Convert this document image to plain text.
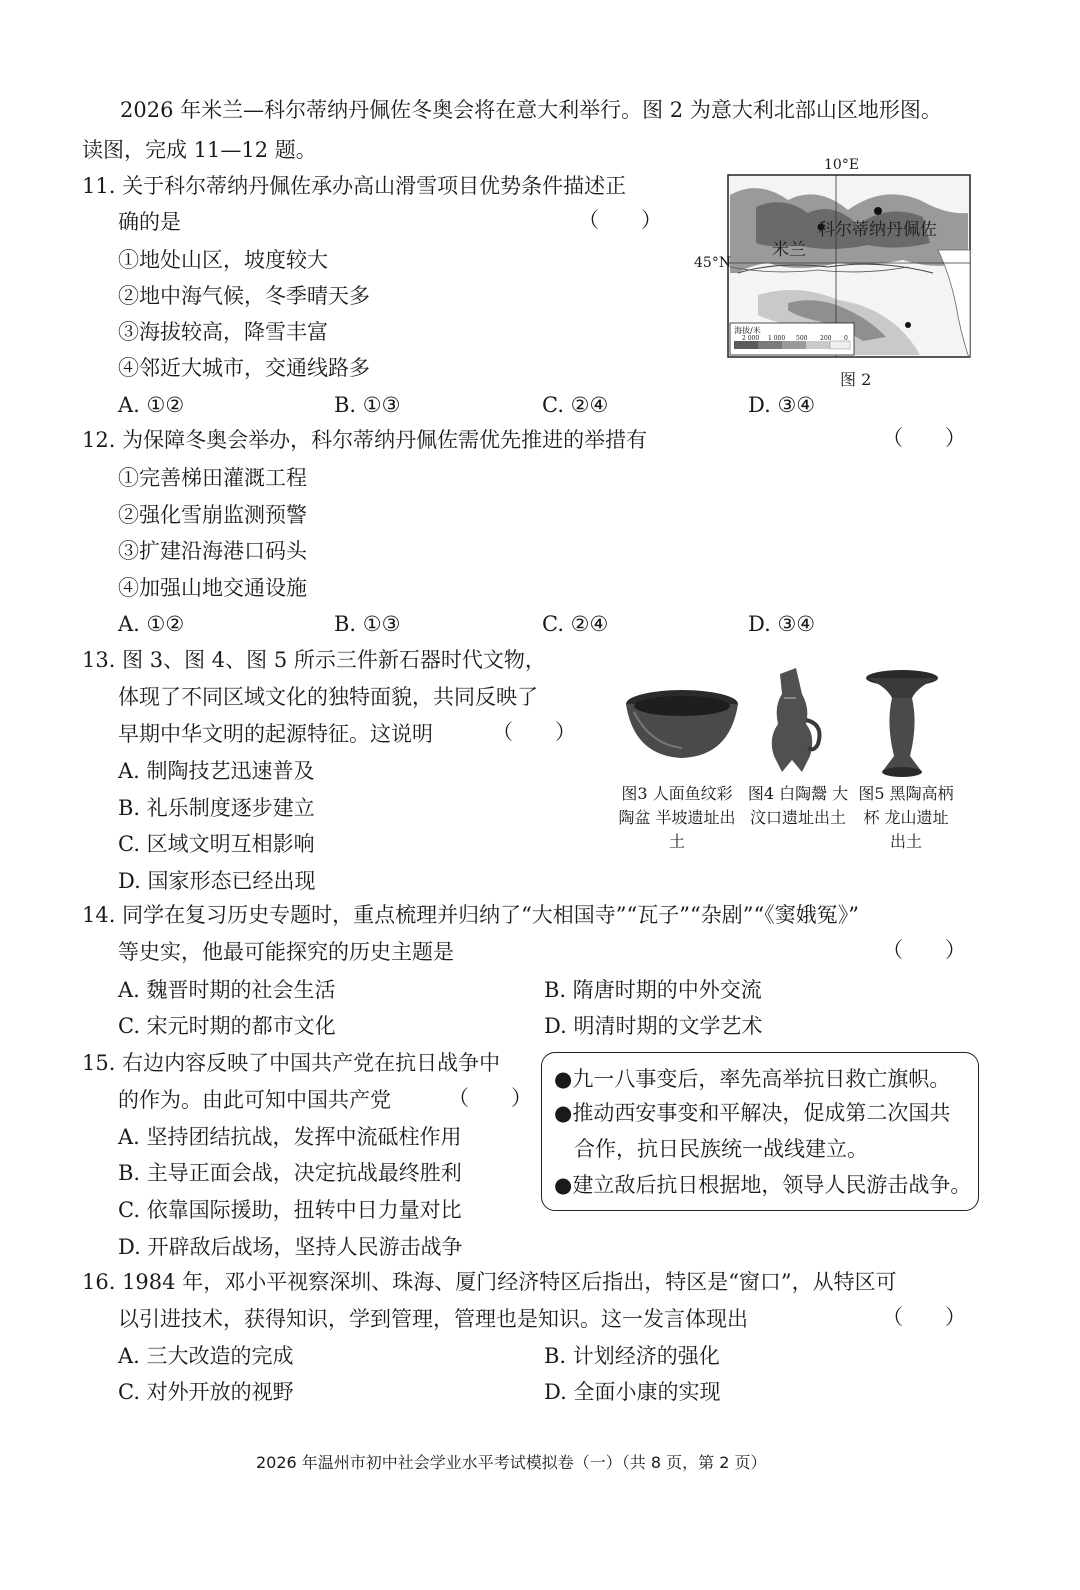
2026 年米兰—科尔蒂纳丹佩佐冬奥会将在意大利举行。图 2 为意大利北部山区地形图。
读图，完成 11—12 题。
10°E
45°N
科尔蒂纳丹佩佐
米兰
海拔/米
2 000 1 000 500 200 0
图 2
11. 关于科尔蒂纳丹佩佐承办高山滑雪项目优势条件描述正
确的是	（　　）
①地处山区，坡度较大
②地中海气候，冬季晴天多
③海拔较高，降雪丰富
④邻近大城市，交通线路多
A. ①②	B. ①③	C. ②④	D. ③④
12. 为保障冬奥会举办，科尔蒂纳丹佩佐需优先推进的举措有	（　　）
①完善梯田灌溉工程
②强化雪崩监测预警
③扩建沿海港口码头
④加强山地交通设施
A. ①②	B. ①③	C. ②④	D. ③④
13. 图 3、图 4、图 5 所示三件新石器时代文物，
体现了不同区域文化的独特面貌，共同反映了
早期中华文明的起源特征。这说明	（　　）
A. 制陶技艺迅速普及
B. 礼乐制度逐步建立
C. 区域文明互相影响
D. 国家形态已经出现
图3 人面鱼纹彩陶盆 半坡遗址出土
图4 白陶鬶 大汶口遗址出土
图5 黑陶高柄杯 龙山遗址出土
14. 同学在复习历史专题时，重点梳理并归纳了“大相国寺”“瓦子”“杂剧”“《窦娥冤》”
等史实，他最可能探究的历史主题是	（　　）
A. 魏晋时期的社会生活	B. 隋唐时期的中外交流
C. 宋元时期的都市文化	D. 明清时期的文学艺术
15. 右边内容反映了中国共产党在抗日战争中
的作为。由此可知中国共产党	（　　）
A. 坚持团结抗战，发挥中流砥柱作用
B. 主导正面会战，决定抗战最终胜利
C. 依靠国际援助，扭转中日力量对比
D. 开辟敌后战场，坚持人民游击战争
●九一八事变后，率先高举抗日救亡旗帜。
●推动西安事变和平解决，促成第二次国共
合作，抗日民族统一战线建立。
●建立敌后抗日根据地，领导人民游击战争。
16. 1984 年，邓小平视察深圳、珠海、厦门经济特区后指出，特区是“窗口”，从特区可
以引进技术，获得知识，学到管理，管理也是知识。这一发言体现出	（　　）
A. 三大改造的完成	B. 计划经济的强化
C. 对外开放的视野	D. 全面小康的实现
2026 年温州市初中社会学业水平考试模拟卷（一）（共 8 页，第 2 页）
